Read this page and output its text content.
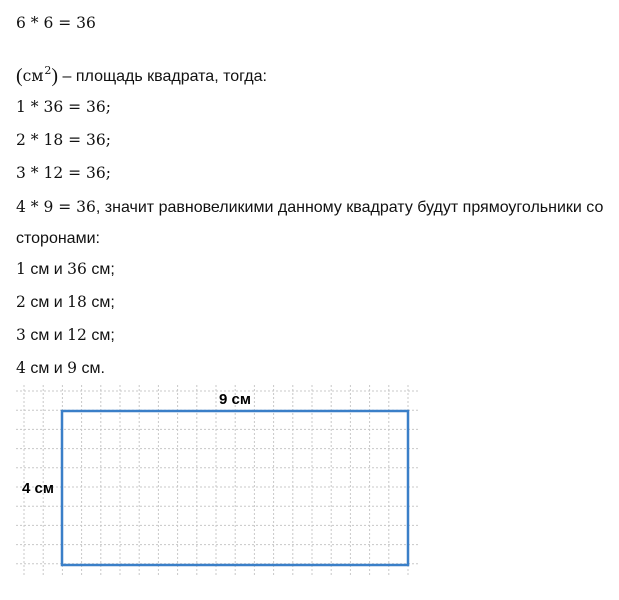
6 * 6 = 36
$(см^2)$ – площадь квадрата, тогда:
1 * 36 = 36;
2 * 18 = 36;
3 * 12 = 36;
4 * 9 = 36, значит равновеликими данному квадрату будут прямоугольники со
сторонами:
1 см и 36 см;
2 см и 18 см;
3 см и 12 см;
4 см и 9 см.
9 см
4 см
